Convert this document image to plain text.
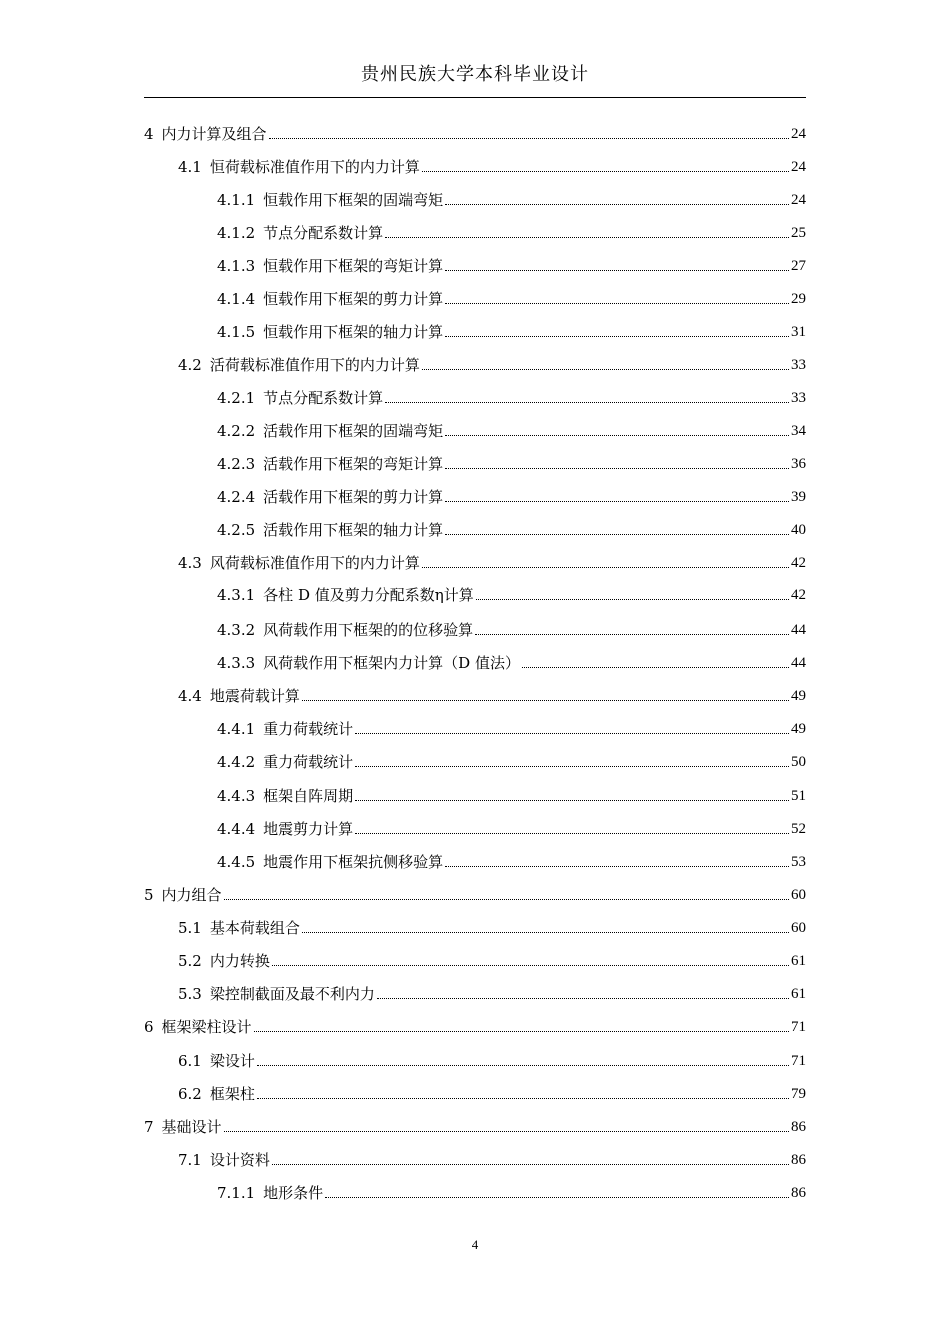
贵州民族大学本科毕业设计
4 内力计算及组合	24
4.1 恒荷载标准值作用下的内力计算	24
4.1.1 恒载作用下框架的固端弯矩	24
4.1.2 节点分配系数计算	25
4.1.3 恒载作用下框架的弯矩计算	27
4.1.4 恒载作用下框架的剪力计算	29
4.1.5 恒载作用下框架的轴力计算	31
4.2 活荷载标准值作用下的内力计算	33
4.2.1 节点分配系数计算	33
4.2.2 活载作用下框架的固端弯矩	34
4.2.3 活载作用下框架的弯矩计算	36
4.2.4 活载作用下框架的剪力计算	39
4.2.5 活载作用下框架的轴力计算	40
4.3 风荷载标准值作用下的内力计算	42
4.3.1 各柱 D 值及剪力分配系数η计算	42
4.3.2 风荷载作用下框架的的位移验算	44
4.3.3 风荷载作用下框架内力计算（D 值法）	44
4.4 地震荷载计算	49
4.4.1 重力荷载统计	49
4.4.2 重力荷载统计	50
4.4.3 框架自阵周期	51
4.4.4 地震剪力计算	52
4.4.5 地震作用下框架抗侧移验算	53
5 内力组合	60
5.1 基本荷载组合	60
5.2 内力转换	61
5.3 梁控制截面及最不利内力	61
6 框架梁柱设计	71
6.1 梁设计	71
6.2 框架柱	79
7 基础设计	86
7.1 设计资料	86
7.1.1 地形条件	86
4
